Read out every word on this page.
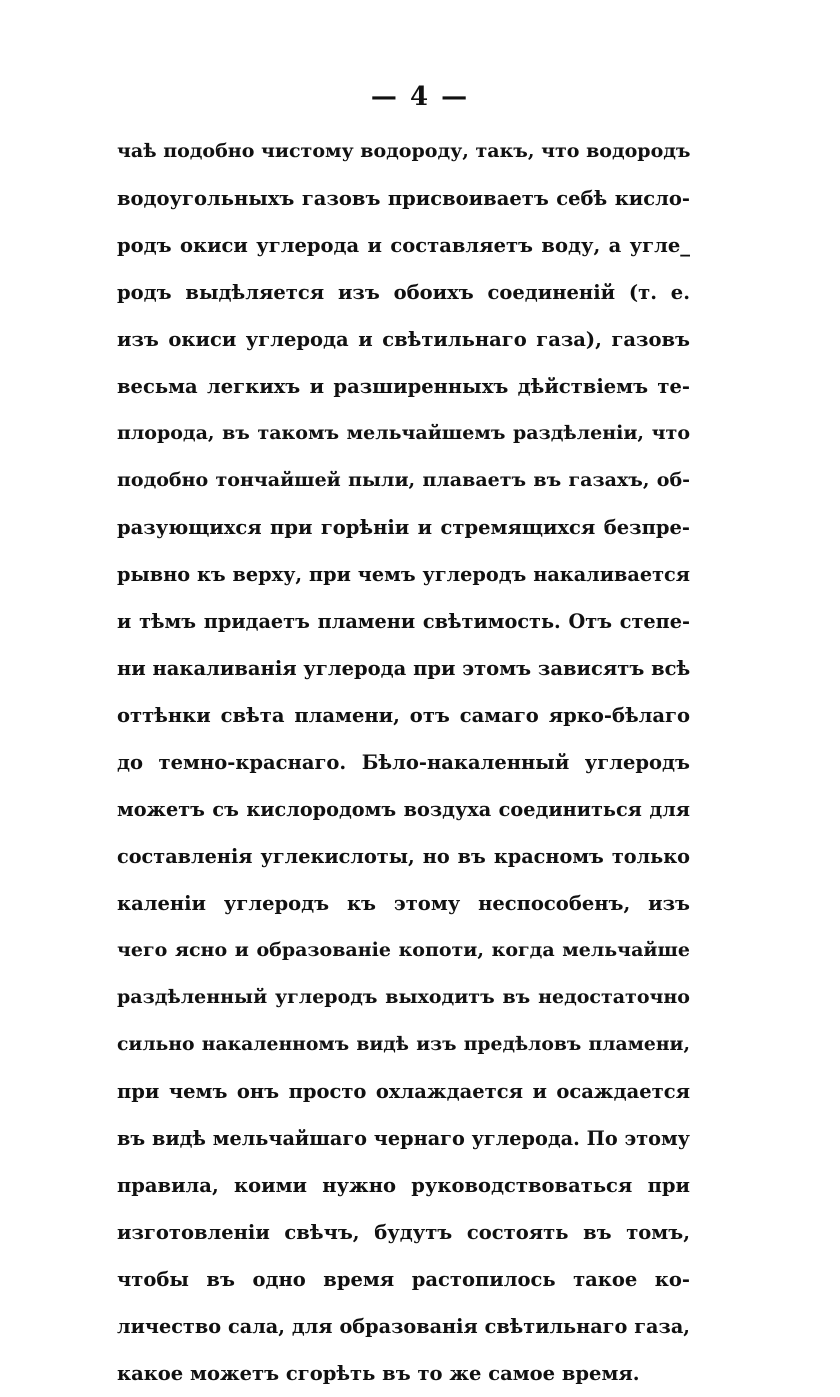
— 4 —
чаѣ подобно чистому водороду, такъ, что водородъ
водоугольныхъ газовъ присвоиваетъ себѣ кисло-
родъ окиси углерода и составляетъ воду, а угле_
родъ выдѣляется изъ обоихъ соединеній (т. е.
изъ окиси углерода и свѣтильнаго газа), газовъ
весьма легкихъ и разширенныхъ дѣйствіемъ те-
плорода, въ такомъ мельчайшемъ раздѣленіи, что
подобно тончайшей пыли, плаваетъ въ газахъ, об-
разующихся при горѣніи и стремящихся безпре-
рывно къ верху, при чемъ углеродъ накаливается
и тѣмъ придаетъ пламени свѣтимость. Отъ степе-
ни накаливанія углерода при этомъ зависятъ всѣ
оттѣнки свѣта пламени, отъ самаго ярко-бѣлаго
до темно-краснаго. Бѣло-накаленный углеродъ
можетъ съ кислородомъ воздуха соединиться для
составленія углекислоты, но въ красномъ только
каленіи углеродъ къ этому неспособенъ, изъ
чего ясно и образованіе копоти, когда мельчайше
раздѣленный углеродъ выходитъ въ недостаточно
сильно накаленномъ видѣ изъ предѣловъ пламени,
при чемъ онъ просто охлаждается и осаждается
въ видѣ мельчайшаго чернаго углерода. По этому
правила, коими нужно руководствоваться при
изготовленіи свѣчъ, будутъ состоять въ томъ,
чтобы въ одно время растопилось такое ко-
личество сала, для образованія свѣтильнаго газа,
какое можетъ сгорѣть въ то же самое время.
